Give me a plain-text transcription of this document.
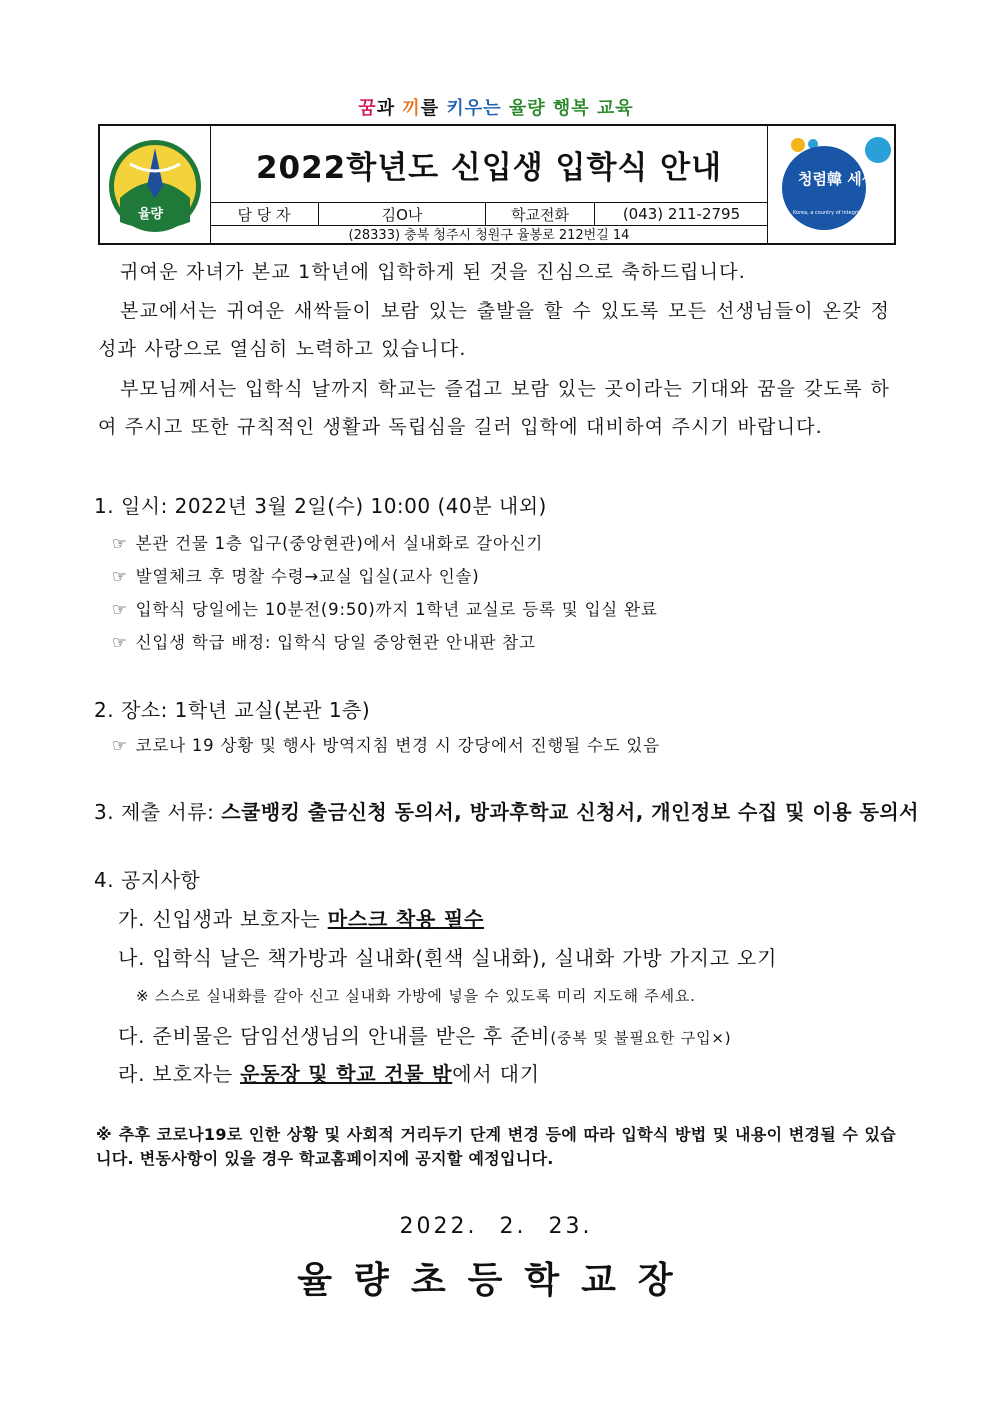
꿈과 끼를 키우는 율량 행복 교육
율량
2022학년도 신입생 입학식 안내
담 당 자	김O나	학교전화	(043) 211-2795
(28333) 충북 청주시 청원구 율봉로 212번길 14
청렴韓 세상
Korea, a country of integrity
귀여운 자녀가 본교 1학년에 입학하게 된 것을 진심으로 축하드립니다.
본교에서는 귀여운 새싹들이 보람 있는 출발을 할 수 있도록 모든 선생님들이 온갖 정성과 사랑으로 열심히 노력하고 있습니다.
부모님께서는 입학식 날까지 학교는 즐겁고 보람 있는 곳이라는 기대와 꿈을 갖도록 하여 주시고 또한 규칙적인 생활과 독립심을 길러 입학에 대비하여 주시기 바랍니다.
1. 일시: 2022년 3월 2일(수) 10:00 (40분 내외)
☞ 본관 건물 1층 입구(중앙현관)에서 실내화로 갈아신기
☞ 발열체크 후 명찰 수령→교실 입실(교사 인솔)
☞ 입학식 당일에는 10분전(9:50)까지 1학년 교실로 등록 및 입실 완료
☞ 신입생 학급 배정: 입학식 당일 중앙현관 안내판 참고
2. 장소: 1학년 교실(본관 1층)
☞ 코로나 19 상황 및 행사 방역지침 변경 시 강당에서 진행될 수도 있음
3. 제출 서류: 스쿨뱅킹 출금신청 동의서, 방과후학교 신청서, 개인정보 수집 및 이용 동의서
4. 공지사항
가. 신입생과 보호자는 마스크 착용 필수
나. 입학식 날은 책가방과 실내화(흰색 실내화), 실내화 가방 가지고 오기
※ 스스로 실내화를 갈아 신고 실내화 가방에 넣을 수 있도록 미리 지도해 주세요.
다. 준비물은 담임선생님의 안내를 받은 후 준비(중복 및 불필요한 구입×)
라. 보호자는 운동장 및 학교 건물 밖에서 대기
※ 추후 코로나19로 인한 상황 및 사회적 거리두기 단계 변경 등에 따라 입학식 방법 및 내용이 변경될 수 있습니다. 변동사항이 있을 경우 학교홈페이지에 공지할 예정입니다.
2022. 2. 23.
율량초등학교장
